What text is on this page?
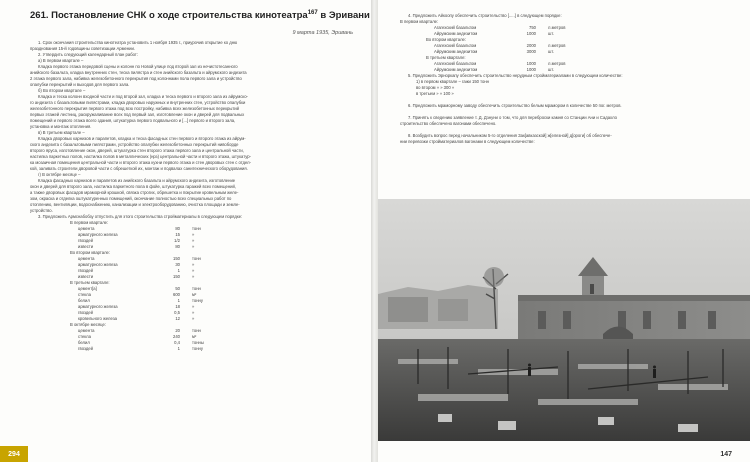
261. Постановление СНК о ходе строительства кинотеатра$^{167}$ в Эривани
9 марта 1935, Эривань

1. Срок окончания строительства кинотеатра установить 1 ноября 1935 г., приурочив открытие ко дню

празднования 15-й годовщины советизации Армении.

2. Утвердить следующий календарный план работ:

а) В первом квартале –

Кладка первого этажа передовой сцены и колонн по Новой улице под второй зал из нечистотесанного

анийского базальта, кладка внутренних стен, теска пилястра и стен анийского базальта и айрумского андезита

2 этажа первого зала, набивка железобетонного перекрытия под колоннами пола первого зала и устройство

опалубки перекрытий и выходов для первого зала.

б) Во втором квартале –

Кладка и теска колонн входной части и под второй зал, кладка и теска первого и второго зала из айрумско-

го андезита с базальтовыми пилястрами, кладка дворовых наружных и внутренних стен, устройство опалубки

железобетонного перекрытия первого этажа под всю постройку, набивка всех железобетонных перекрытий

первых этажей лестниц, раскружаливание всех под первый зал, изготовление окон и дверей для подвальных

помещений и первого этажа всего здания, штукатурка первого подвального и [...] первого и второго зала,

установка и монтаж отопления.

в) В третьем квартале –

Кладка дворовых карнизов и парапетов, кладка и теска фасадных стен первого и второго этажа из айрум-

ского андезита с базальтовыми пилястрами, устройство опалубки железобетонных перекрытий нивоборде

второго яруса, изготовление окон, дверей, штукатурка стен второго этажа первого зала и центральной части,

настилка паркетных полов, настилка полов в металлических (нрз) центральной части и второго этажа, штукатур-

ка мозаичная помещения центральной части и второго этажа кухни первого этажа и стен дворовых стен с отдел-

кой, заливать строители дворовой части с обрешеткой их, монтаж и подвалах санитехнического оборудования.

г) В октябре месяце –

Кладка фасадных карнизов и парапетов из анийского базальта и айрумского андезита, изготовление

окон и дверей для второго зала, настилка паркетного пола в фойе, штукатурка гаражей всех помещений,

а также дворовых фасадов мраморной крошкой, связка строгих, обрешетка и покрытие кровельным желе-

зом, окраска и отделка оштукатуренных помещений, окончание полностью всех специальных работ по

отоплению, вентиляции, водоснабжению, канализации и электрооборудованию, очистка площади и земле-

устройство.

3. Предложить Армснабобзу отпустить для этого строительства стройматериалы в следующем порядке:

В первом квартале:
цемента	80	тонн
арматурного железа	15	»
гвоздей	1/2	»
извести	80	»
Во втором квартале:
цемента	150	тонн
арматурного железа	30	»
гвоздей	1	»
извести	150	»
В третьем квартале:
цемент[а]	50	тонн
стекла	600	м²
белил	1	тонну
арматурного железа	18	»
гвоздей	0,5	»
кровельного железа	12	»
В октябре месяце:
цемента	20	тонн
стекла	240	м²
белил	0,4	тонны
гвоздей	1	тонну
294

4. Предложить Айкоопу обеспечить строительство [.....] в следующем порядке:

В первом квартале:

Агагехский базальтом	750	л.метров
Айрумским андезитом	1000	шт.
Во втором квартале:
Агагехский базальтом	2000	л.метров
Айрумским андезитом	3000	шт.
В третьем квартале:
Агагехский базальтом	1000	л.метров
Айрумским андезитом	1000	шт.

5. Предложить Эрноркапу обеспечить строительство нерудным стройматериалами в следующем количестве:

1) в первом квартале – гажи 150 тонн

во втором » » 300 »

в третьем » » 100 »

6. Предложить мраморному заводу обеспечить строительство белым мрамором в количестве 50 пог. метров.

7. Принять к сведению заявление т. Д. Дзнуни о том, что для переброски камня со Станции Ани и Садахло

строительство обеспечено вагонами обеспечено.

8. Возбудить вопрос перед начальником 5-го отделения Зак[авказской] ж[елезной] д[ороги] об обеспече-

нии перевозки стройматериалов вагонами в следующем количестве:

147
